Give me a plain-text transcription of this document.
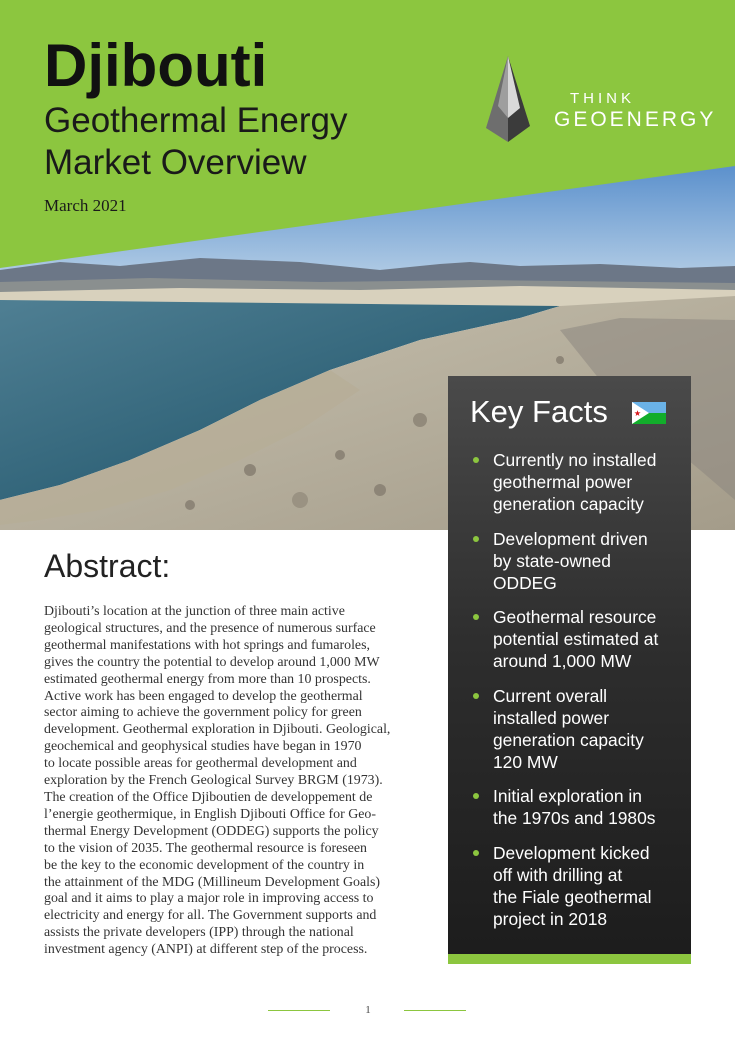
Djibouti
Geothermal Energy
Market Overview
March 2021
THINK
GEOENERGY
Abstract:
Djibouti’s location at the junction of three main active
geological structures, and the presence of numerous surface
geothermal manifestations with hot springs and fumaroles,
gives the country the potential to develop around 1,000 MW
estimated geothermal energy from more than 10 prospects.
Active work has been engaged to develop the geothermal
sector aiming to achieve the government policy for green
development. Geothermal exploration in Djibouti. Geological,
geochemical and geophysical studies have began in 1970
to locate possible areas for geothermal development and
exploration by the French Geological Survey BRGM (1973).
The creation of the Office Djiboutien de developpement de
l’energie geothermique, in English Djibouti Office for Geo-
thermal Energy Development (ODDEG) supports the policy
to the vision of 2035. The geothermal resource is foreseen
be the key to the economic development of the country in
the attainment of the MDG (Millineum Development Goals)
goal and it aims to play a major role in improving access to
electricity and energy for all. The Government supports and
assists the private developers (IPP) through the national
investment agency (ANPI) at different step of the process.
Key Facts
Currently no installed
geothermal power
generation capacity
Development driven
by state-owned
ODDEG
Geothermal resource
potential estimated at
around 1,000 MW
Current overall
installed power
generation capacity
120 MW
Initial exploration in
the 1970s and 1980s
Development kicked
off with drilling at
the Fiale geothermal
project in 2018
1
